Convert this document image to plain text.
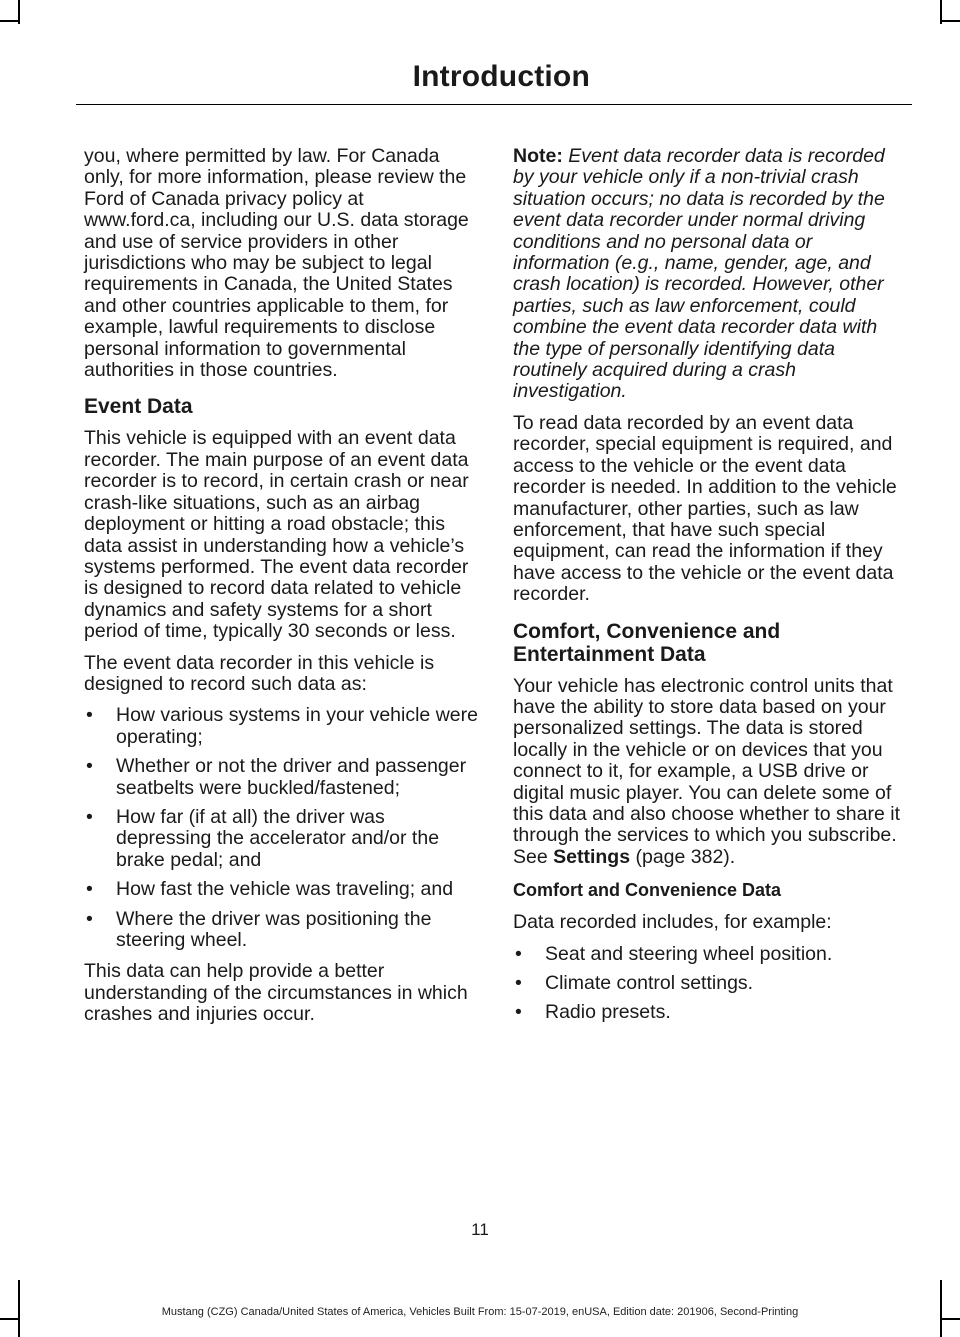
Introduction

you, where permitted by law. For Canada only, for more information, please review the Ford of Canada privacy policy at www.ford.ca, including our U.S. data storage and use of service providers in other jurisdictions who may be subject to legal requirements in Canada, the United States and other countries applicable to them, for example, lawful requirements to disclose personal information to governmental authorities in those countries.

Event Data

This vehicle is equipped with an event data recorder. The main purpose of an event data recorder is to record, in certain crash or near crash-like situations, such as an airbag deployment or hitting a road obstacle; this data assist in understanding how a vehicle’s systems performed. The event data recorder is designed to record data related to vehicle dynamics and safety systems for a short period of time, typically 30 seconds or less.

The event data recorder in this vehicle is designed to record such data as:

• How various systems in your vehicle were operating;
• Whether or not the driver and passenger seatbelts were buckled/fastened;
• How far (if at all) the driver was depressing the accelerator and/or the brake pedal; and
• How fast the vehicle was traveling; and
• Where the driver was positioning the steering wheel.

This data can help provide a better understanding of the circumstances in which crashes and injuries occur.

Note: Event data recorder data is recorded by your vehicle only if a non-trivial crash situation occurs; no data is recorded by the event data recorder under normal driving conditions and no personal data or information (e.g., name, gender, age, and crash location) is recorded. However, other parties, such as law enforcement, could combine the event data recorder data with the type of personally identifying data routinely acquired during a crash investigation.

To read data recorded by an event data recorder, special equipment is required, and access to the vehicle or the event data recorder is needed. In addition to the vehicle manufacturer, other parties, such as law enforcement, that have such special equipment, can read the information if they have access to the vehicle or the event data recorder.

Comfort, Convenience and Entertainment Data

Your vehicle has electronic control units that have the ability to store data based on your personalized settings. The data is stored locally in the vehicle or on devices that you connect to it, for example, a USB drive or digital music player. You can delete some of this data and also choose whether to share it through the services to which you subscribe. See Settings (page 382).

Comfort and Convenience Data

Data recorded includes, for example:

• Seat and steering wheel position.
• Climate control settings.
• Radio presets.
11
Mustang (CZG) Canada/United States of America, Vehicles Built From: 15-07-2019, enUSA, Edition date: 201906, Second-Printing
